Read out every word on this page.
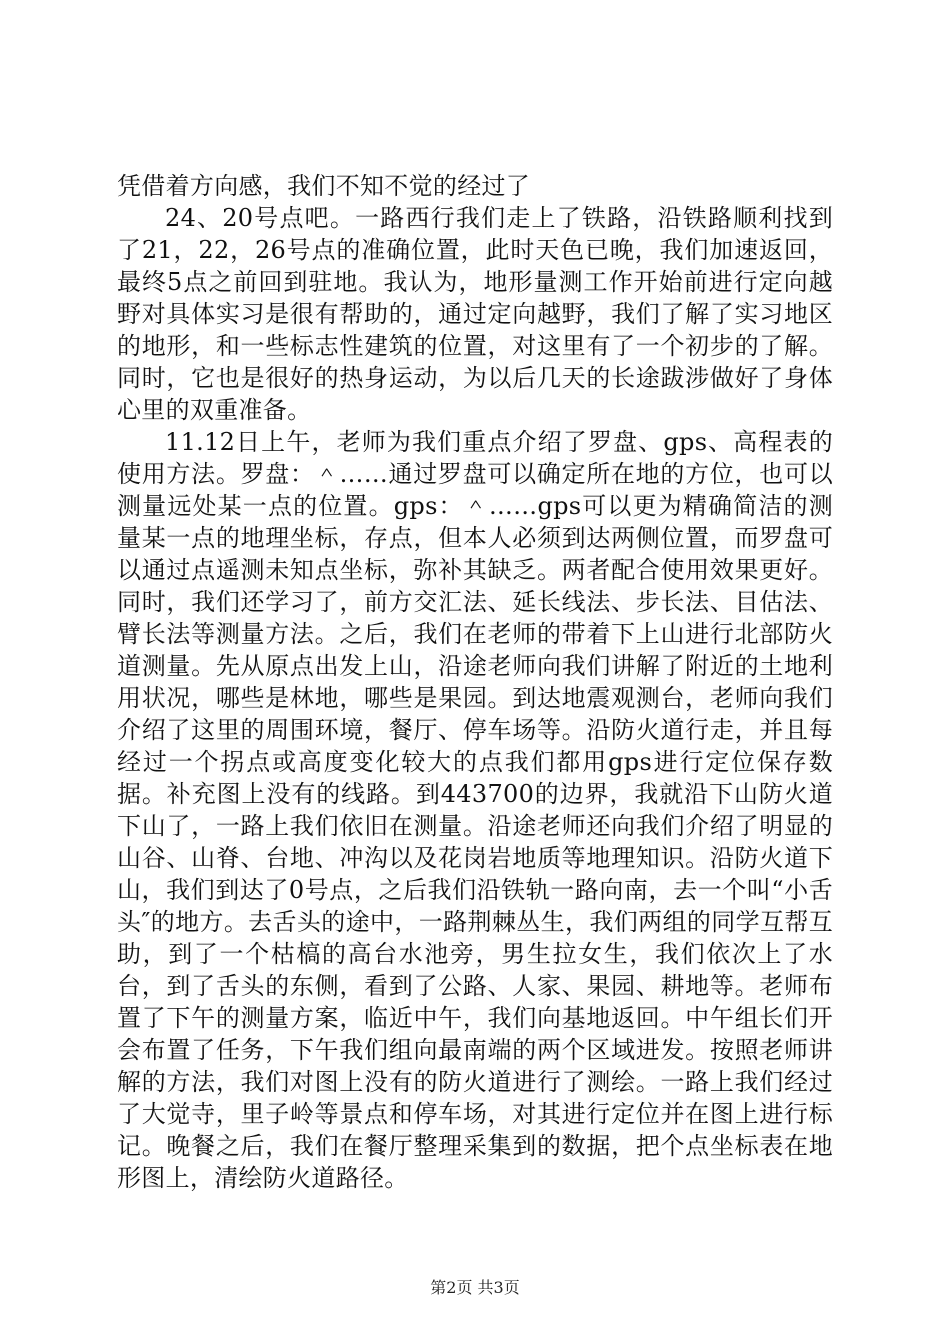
凭借着方向感，我们不知不觉的经过了

24、20号点吧。一路西行我们走上了铁路，沿铁路顺利找到了21，22，26号点的准确位置，此时天色已晚，我们加速返回，最终5点之前回到驻地。我认为，地形量测工作开始前进行定向越野对具体实习是很有帮助的，通过定向越野，我们了解了实习地区的地形，和一些标志性建筑的位置，对这里有了一个初步的了解。同时，它也是很好的热身运动，为以后几天的长途跋涉做好了身体心里的双重准备。

11.12日上午，老师为我们重点介绍了罗盘、gps、高程表的使用方法。罗盘：＾……通过罗盘可以确定所在地的方位，也可以测量远处某一点的位置。gps：＾……gps可以更为精确简洁的测量某一点的地理坐标，存点，但本人必须到达两侧位置，而罗盘可以通过点遥测未知点坐标，弥补其缺乏。两者配合使用效果更好。同时，我们还学习了，前方交汇法、延长线法、步长法、目估法、臂长法等测量方法。之后，我们在老师的带着下上山进行北部防火道测量。先从原点出发上山，沿途老师向我们讲解了附近的土地利用状况，哪些是林地，哪些是果园。到达地震观测台，老师向我们介绍了这里的周围环境，餐厅、停车场等。沿防火道行走，并且每经过一个拐点或高度变化较大的点我们都用gps进行定位保存数据。补充图上没有的线路。到443700的边界，我就沿下山防火道下山了，一路上我们依旧在测量。沿途老师还向我们介绍了明显的山谷、山脊、台地、冲沟以及花岗岩地质等地理知识。沿防火道下山，我们到达了0号点，之后我们沿铁轨一路向南，去一个叫“小舌头″的地方。去舌头的途中，一路荆棘丛生，我们两组的同学互帮互助，到了一个枯槁的高台水池旁，男生拉女生，我们依次上了水台，到了舌头的东侧，看到了公路、人家、果园、耕地等。老师布置了下午的测量方案，临近中午，我们向基地返回。中午组长们开会布置了任务，下午我们组向最南端的两个区域进发。按照老师讲解的方法，我们对图上没有的防火道进行了测绘。一路上我们经过了大觉寺，里子岭等景点和停车场，对其进行定位并在图上进行标记。晚餐之后，我们在餐厅整理采集到的数据，把个点坐标表在地形图上，清绘防火道路径。

第2页 共3页
